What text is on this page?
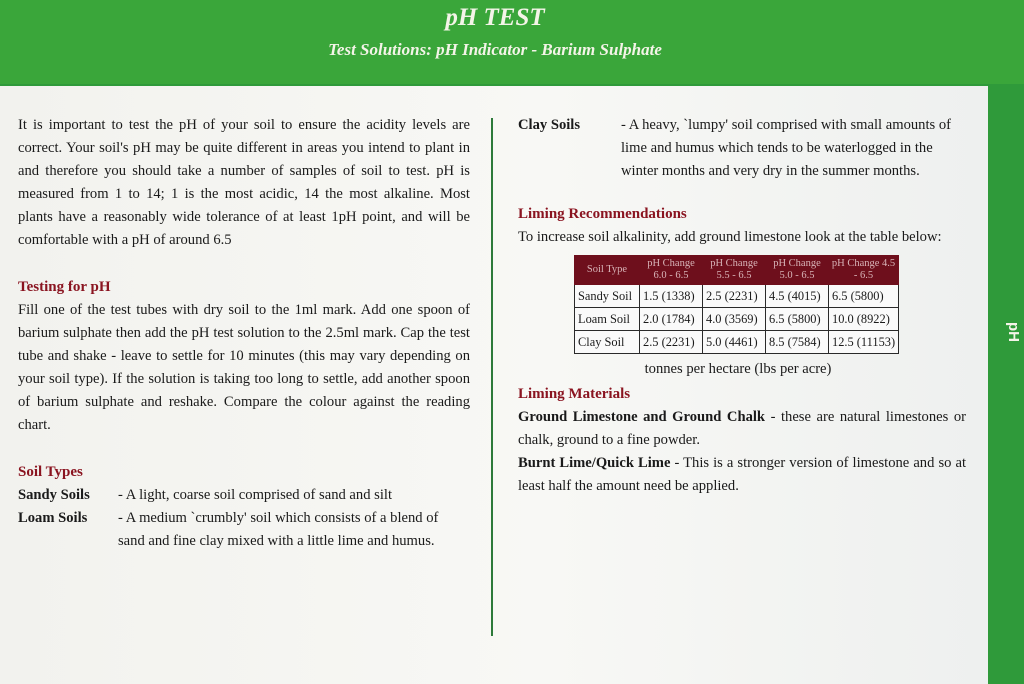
pH TEST
Test Solutions: pH Indicator - Barium Sulphate
pH

It is important to test the pH of your soil to ensure the acidity levels are correct. Your soil's pH may be quite different in areas you intend to plant in and therefore you should take a number of samples of soil to test. pH is measured from 1 to 14; 1 is the most acidic, 14 the most alkaline. Most plants have a reasonably wide tolerance of at least 1pH point, and will be comfortable with a pH of around 6.5

Testing for pH

Fill one of the test tubes with dry soil to the 1ml mark. Add one spoon of barium sulphate then add the pH test solution to the 2.5ml mark. Cap the test tube and shake - leave to settle for 10 minutes (this may vary depending on your soil type). If the solution is taking too long to settle, add another spoon of barium sulphate and reshake. Compare the colour against the reading chart.

Soil Types
Sandy Soils	- A light, coarse soil comprised of sand and silt
Loam Soils	- A medium `crumbly' soil which consists of a blend of sand and fine clay mixed with a little lime and humus.
Clay Soils	- A heavy, `lumpy' soil comprised with small amounts of lime and humus which tends to be waterlogged in the winter months and very dry in the summer months.
Liming Recommendations

To increase soil alkalinity, add ground limestone look at the table below:

Soil Type	pH Change 6.0 - 6.5	pH Change 5.5 - 6.5	pH Change 5.0 - 6.5	pH Change 4.5 - 6.5
Sandy Soil	1.5 (1338)	2.5 (2231)	4.5 (4015)	6.5 (5800)
Loam Soil	2.0 (1784)	4.0 (3569)	6.5 (5800)	10.0 (8922)
Clay Soil	2.5 (2231)	5.0 (4461)	8.5 (7584)	12.5 (11153)
tonnes per hectare (lbs per acre)
Liming Materials

Ground Limestone and Ground Chalk - these are natural limestones or chalk, ground to a fine powder.

Burnt Lime/Quick Lime - This is a stronger version of limestone and so at least half the amount need be applied.
